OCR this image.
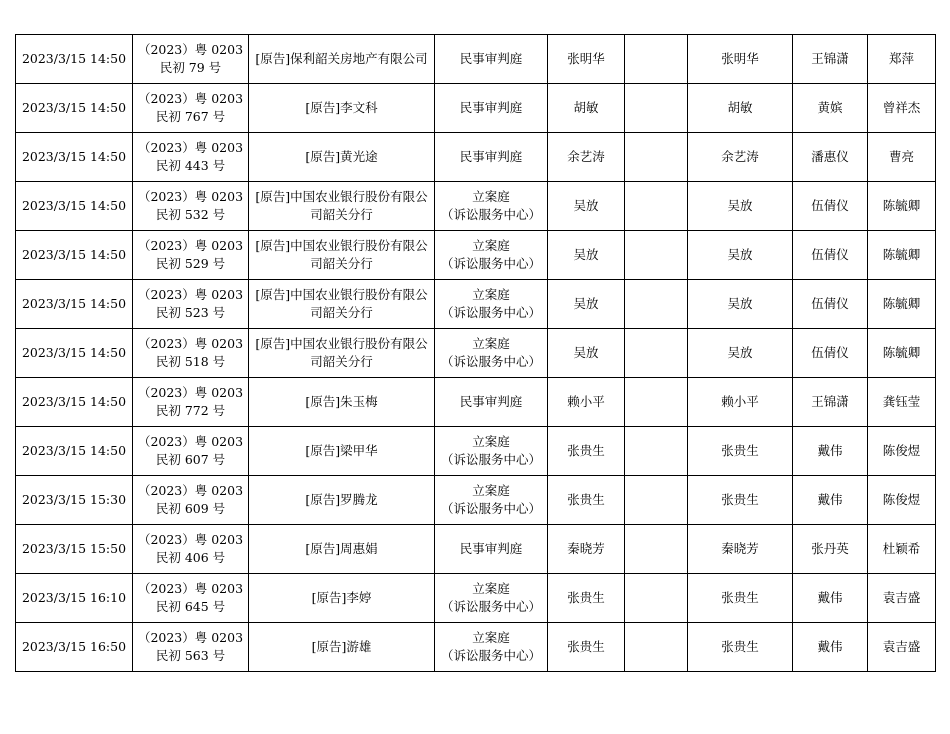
2023/3/15 14:50	（2023）粤 0203
民初 79 号	[原告]保利韶关房地产有限公司	民事审判庭	张明华		张明华	王锦潇	郑萍
2023/3/15 14:50	（2023）粤 0203
民初 767 号	[原告]李文科	民事审判庭	胡敏		胡敏	黄嫔	曾祥杰
2023/3/15 14:50	（2023）粤 0203
民初 443 号	[原告]黄光途	民事审判庭	余艺涛		余艺涛	潘惠仪	曹亮
2023/3/15 14:50	（2023）粤 0203
民初 532 号	[原告]中国农业银行股份有限公司韶关分行	立案庭
（诉讼服务中心）	吴放		吴放	伍倩仪	陈毓卿
2023/3/15 14:50	（2023）粤 0203
民初 529 号	[原告]中国农业银行股份有限公司韶关分行	立案庭
（诉讼服务中心）	吴放		吴放	伍倩仪	陈毓卿
2023/3/15 14:50	（2023）粤 0203
民初 523 号	[原告]中国农业银行股份有限公司韶关分行	立案庭
（诉讼服务中心）	吴放		吴放	伍倩仪	陈毓卿
2023/3/15 14:50	（2023）粤 0203
民初 518 号	[原告]中国农业银行股份有限公司韶关分行	立案庭
（诉讼服务中心）	吴放		吴放	伍倩仪	陈毓卿
2023/3/15 14:50	（2023）粤 0203
民初 772 号	[原告]朱玉梅	民事审判庭	赖小平		赖小平	王锦潇	龚钰莹
2023/3/15 14:50	（2023）粤 0203
民初 607 号	[原告]梁甲华	立案庭
（诉讼服务中心）	张贵生		张贵生	戴伟	陈俊煜
2023/3/15 15:30	（2023）粤 0203
民初 609 号	[原告]罗腾龙	立案庭
（诉讼服务中心）	张贵生		张贵生	戴伟	陈俊煜
2023/3/15 15:50	（2023）粤 0203
民初 406 号	[原告]周惠娟	民事审判庭	秦晓芳		秦晓芳	张丹英	杜颖希
2023/3/15 16:10	（2023）粤 0203
民初 645 号	[原告]李婷	立案庭
（诉讼服务中心）	张贵生		张贵生	戴伟	袁吉盛
2023/3/15 16:50	（2023）粤 0203
民初 563 号	[原告]游雄	立案庭
（诉讼服务中心）	张贵生		张贵生	戴伟	袁吉盛
